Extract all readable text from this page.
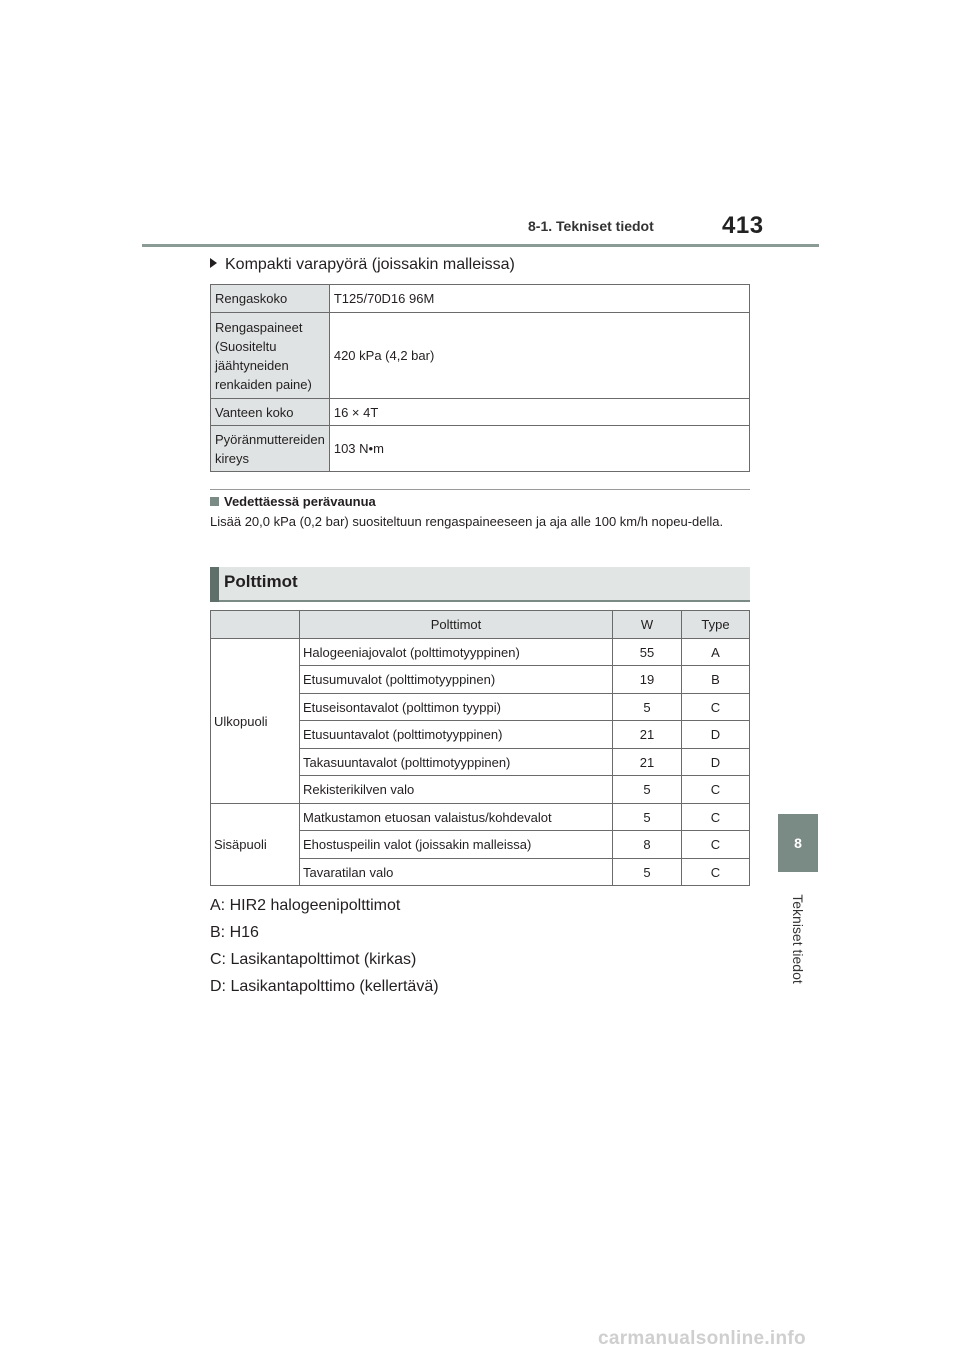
8-1. Tekniset tiedot	413
8
Tekniset tiedot
Kompakti varapyörä (joissakin malleissa)
Rengaskoko	T125/70D16 96M
Rengaspaineet (Suositeltu jäähtyneiden renkaiden paine)	420 kPa (4,2 bar)
Vanteen koko	16 × 4T
Pyöränmuttereiden kireys	103 N•m
Vedettäessä perävaunua
Lisää 20,0 kPa (0,2 bar) suositeltuun rengaspaineeseen ja aja alle 100 km/h nopeu-della.
Polttimot
	Polttimot	W	Type
Ulkopuoli	Halogeeniajovalot (polttimotyyppinen)	55	A
	Etusumuvalot (polttimotyyppinen)	19	B
	Etuseisontavalot (polttimon tyyppi)	5	C
	Etusuuntavalot (polttimotyyppinen)	21	D
	Takasuuntavalot (polttimotyyppinen)	21	D
	Rekisterikilven valo	5	C
Sisäpuoli	Matkustamon etuosan valaistus/kohdevalot	5	C
	Ehostuspeilin valot (joissakin malleissa)	8	C
	Tavaratilan valo	5	C
A: HIR2 halogeenipolttimot
B: H16
C: Lasikantapolttimot (kirkas)
D: Lasikantapolttimo (kellertävä)
carmanualsonline.info
